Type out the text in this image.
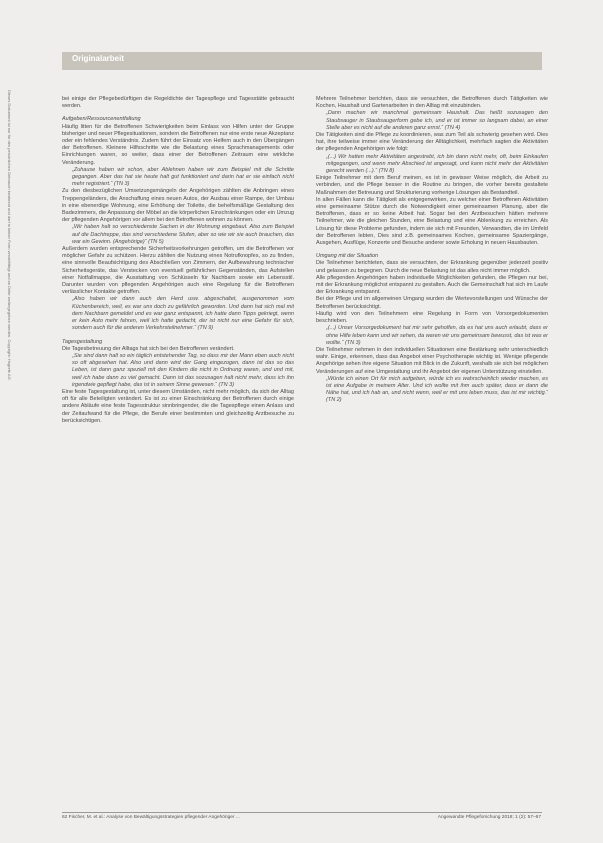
Originalarbeit
Dieses Dokument ist nur für den persönlichen Gebrauch bestimmt und darf in keiner Form vervielfältigt und an Dritte weitergegeben werden. Copyright: Hogrefe AG	bei einige der Pflegebedürftigen die Regeldichte der Tagespflege und Tagesstätte gebraucht werden.

Aufgeben/Ressourcenentfaltung

Häufig litten für die Betroffenen Schwierigkeiten beim Einlass von Hilfen unter der Gruppe bisheriger und neuer Pflegesituationen, sondern die Betroffenen nur eine erste neue Akzeptanz oder ein fehlendes Verständnis. Zudem führt der Einsatz von Helfern auch in den Übergängen der Betroffenen. Kleinere Hilfsschritte wie die Belastung eines Sprachmanagements oder Einrichtungen waren, so weiter, dass einer der Betroffenen Zeitraum eine wirkliche Veränderung.

„Zuhause haben wir schon, aber Ablehnen haben wir zum Beispiel mit die Schritte gegangen. Aber das hat sie heute halt gut funktioniert und darin hat er sie einfach nicht mehr registriert.“ (TN 3)

Zu den diesbezüglichen Umsetzungsmängeln der Angehörigen zählten die Anbringen eines Treppengeländers, die Anschaffung eines neuen Autos, der Ausbau einer Rampe, der Umbau in eine ebenerdige Wohnung, eine Erhöhung der Toilette, die behelfsmäßige Gestaltung des Badezimmers, die Anpassung der Möbel an die körperlichen Einschränkungen oder ein Umzug der pflegenden Angehörigen vor allem bei den Betroffenen wohnen zu können.

„Wir haben halt so verschiedenste Sachen in der Wohnung eingebaut. Also zum Beispiel auf die Dachtreppe, das sind verschiedene Stufen, aber so wie wir sie auch brauchen, das war ein Gewinn. (Angehörige)“ (TN 5)

Außerdem wurden entsprechende Sicherheitsvorkehrungen getroffen, um die Betroffenen vor möglicher Gefahr zu schützen. Hierzu zählten die Nutzung eines Notrufknopfes, so zu finden, eine sinnvolle Beaufsichtigung des Abschließen von Zimmern, der Aufbewahrung technischer Sicherheitsgeräte, das Verstecken von eventuell gefährlichen Gegenständen, das Aufstellen einer Notfallmappe, die Ausstattung von Schlüsseln für Nachbarn sowie ein Lebensstil. Darunter wurden von pflegenden Angehörigen auch eine Regelung für die Betroffenen verlässlicher Kontakte getroffen.

„Also haben wir dann auch den Herd usw. abgeschaltet, ausgenommen vom Küchenbereich, weil, es war uns doch zu gefährlich geworden. Und dann hat sich mal mit dem Nachbarn gemeldet und es war ganz entspannt, ich hatte dann Tipps gekriegt, wenn er kein Auto mehr fahren, weil ich hatte gedacht, der ist nicht nur eine Gefahr für sich, sondern auch für die anderen Verkehrsteilnehmer.“ (TN 9)

Tagesgestaltung

Die Tagesbetreuung der Alltags hat sich bei den Betroffenen verändert.

„Sie sind dann halt so ein täglich entstehender Tag, so dass mir der Mann eben auch nicht so oft abgesehen hat. Also und dann wird der Gang eingezogen, dann ist das so das Leben, ist dann ganz speziell mit den Kindern die nicht in Ordnung waren, und und mit, weil ich habe dann zu viel gemacht. Dann ist das sozusagen halt nicht mehr, dass ich ihn irgendwie gepflegt habe, das ist in seinem Sinne gewesen.“ (TN 3)

Eine feste Tagesgestaltung ist, unter diesem Umständen, nicht mehr möglich, da sich der Alltag oft für alle Beteiligten verändert. Es ist zu einer Einschränkung der Betroffenen durch einige andere Abläufe eine feste Tagesstruktur sinnbringender, die die Tagespflege einen Anlass und der Zeitaufwand für die Pflege, die Berufe einer bestimmten und gleichzeitig Arztbesuche zu berücksichtigen.

Mehrere Teilnehmer berichten, dass sie versuchten, die Betroffenen durch Tätigkeiten wie Kochen, Haushalt und Gartenarbeiten in den Alltag mit einzubinden.

„Dann machen wir manchmal gemeinsam Haushalt. Das heißt sozusagen den Staubsauger in Staubsaugerform gebe ich, und er ist immer so langsam dabei, an einer Stelle aber es nicht auf die anderen ganz ernst.“ (TN 4)

Die Tätigkeiten sind die Pflege zu koordinieren, was zum Teil als schwierig gesehen wird. Dies hat, ihre teilweise immer eine Veränderung der Alltäglichkeit, mehrfach sagten die Aktivitäten der pflegenden Angehörigen wie folgt:

„(...) Wir hatten mehr Aktivitäten angestrebt, ich bin dann nicht mehr, oft, beim Einkaufen mitgegangen, und wenn mehr Abschied ist angesagt, und kann nicht mehr der Aktivitäten gerecht werden (...).“ (TN 8)

Einige Teilnehmer mit dem Beruf meinen, es ist in gewisser Weise möglich, die Arbeit zu verbinden, und die Pflege besser in die Routine zu bringen, die vorher bereits gestaltete Maßnahmen der Betreuung und Strukturierung vorherige Lösungen als Bestandteil.

In allen Fällen kann die Tätigkeit als entgegenwirken, zu welcher einer Betroffenen Aktivitäten eine gemeinsame Stütze durch die Notwendigkeit einer gemeinsamen Planung, aber die Betroffenen, dass er so keine Arbeit hat. Sogar bei den Arztbesuchen hätten mehrere Teilnehmer, wie die gleichen Stunden, eine Belastung und eine Ablenkung zu erreichen. Als Lösung für diese Probleme gefunden, indem sie sich mit Freunden, Verwandten, die im Umfeld der Betroffenen lebten, Dies sind z.B. gemeinsames Kochen, gemeinsame Spaziergänge, Ausgehen, Ausflüge, Konzerte und Besuche anderer sowie Erholung in neuen Hausbauten.

Umgang mit der Situation

Die Teilnehmer berichteten, dass sie versuchten, der Erkrankung gegenüber jederzeit positiv und gelassen zu begegnen. Durch die neue Belastung ist das alles nicht immer möglich.

Alle pflegenden Angehörigen haben individuelle Möglichkeiten gefunden, die Pflegen nur bei, mit der Erkrankung möglichst entspannt zu gestalten. Auch die Gemeinschaft hat sich im Laufe der Erkrankung entspannt.

Bei der Pflege und im allgemeinen Umgang wurden die Wertevorstellungen und Wünsche der Betroffenen berücksichtigt.

Häufig wird von den Teilnehmern eine Regelung in Form von Vorsorgedokumenten beschrieben.

„(...) Unser Vorsorgedokument hat mir sehr geholfen, da es hat uns auch erlaubt, dass er ohne Hilfe leben kann und wir sehen, da waren wir uns gemeinsam bewusst, das ist was er wollte.“ (TN 3)

Die Teilnehmer nehmen in den individuellen Situationen eine Bestärkung sehr unterschiedlich wahr. Einige, erkennen, dass das Angebot einer Psychotherapie wichtig ist. Wenige pflegende Angehörige sehen ihre eigene Situation mit Blick in die Zukunft, weshalb sie sich bei möglichen Veränderungen auf eine Umgestaltung und ihr Angebot der eigenen Unterstützung einstellen.

„Würde ich einen Ort für mich aufgeben, würde ich es wahrscheinlich wieder machen, es ist eine Aufgabe in meinem Alter. Und ich wollte mit ihm auch später, dass er dann die Nähe hat, und ich hab an, und nicht wenn, weil er mit uns leben muss, das ist mir wichtig.“ (TN 2)

62 Fischer, M. et al.: Analyse von Bewältigungsstrategien pflegender Angehöriger ...	Angewandte Pflegeforschung 2018; 1 (2): 57–67
